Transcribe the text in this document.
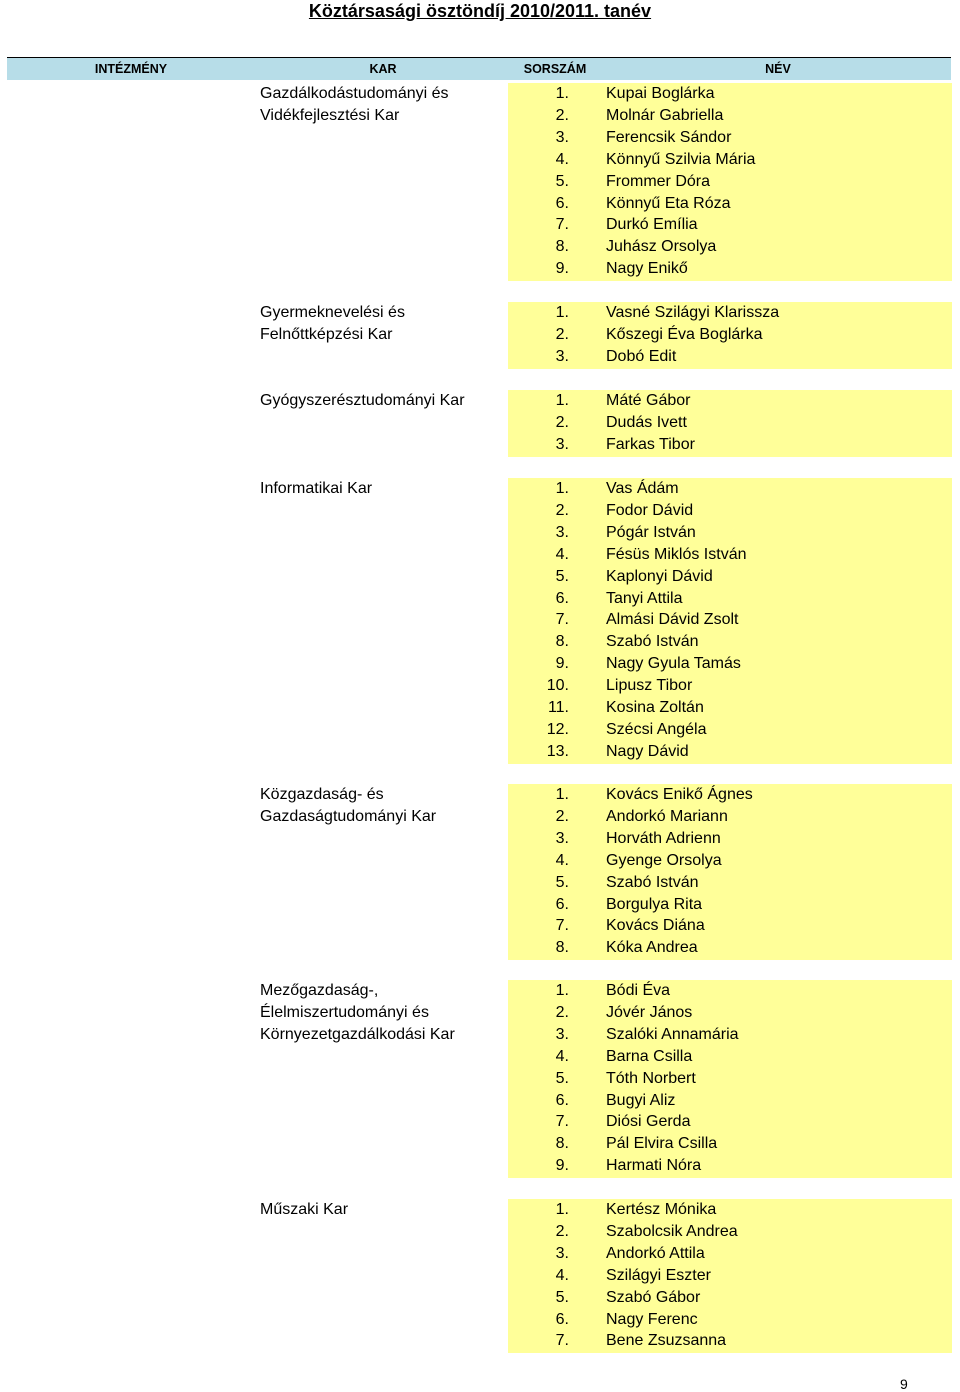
Köztársasági ösztöndíj 2010/2011. tanév
INTÉZMÉNY	KAR	SORSZÁM	NÉV
Gazdálkodástudományi és
Vidékfejlesztési Kar
1. Kupai Boglárka
2. Molnár Gabriella
3. Ferencsik Sándor
4. Könnyű Szilvia Mária
5. Frommer Dóra
6. Könnyű Eta Róza
7. Durkó Emília
8. Juhász Orsolya
9. Nagy Enikő
Gyermeknevelési és
Felnőttképzési Kar
1. Vasné Szilágyi Klarissza
2. Kőszegi Éva Boglárka
3. Dobó Edit
Gyógyszerésztudományi Kar	1. Máté Gábor
2. Dudás Ivett
3. Farkas Tibor
Informatikai Kar	1. Vas Ádám
2. Fodor Dávid
3. Pógár István
4. Fésüs Miklós István
5. Kaplonyi Dávid
6. Tanyi Attila
7. Almási Dávid Zsolt
8. Szabó István
9. Nagy Gyula Tamás
10. Lipusz Tibor
11. Kosina Zoltán
12. Szécsi Angéla
13. Nagy Dávid
Közgazdaság- és
Gazdaságtudományi Kar
1. Kovács Enikő Ágnes
2. Andorkó Mariann
3. Horváth Adrienn
4. Gyenge Orsolya
5. Szabó István
6. Borgulya Rita
7. Kovács Diána
8. Kóka Andrea
Mezőgazdaság-,
Élelmiszertudományi és
Környezetgazdálkodási Kar
1. Bódi Éva
2. Jóvér János
3. Szalóki Annamária
4. Barna Csilla
5. Tóth Norbert
6. Bugyi Aliz
7. Diósi Gerda
8. Pál Elvira Csilla
9. Harmati Nóra
Műszaki Kar	1. Kertész Mónika
2. Szabolcsik Andrea
3. Andorkó Attila
4. Szilágyi Eszter
5. Szabó Gábor
6. Nagy Ferenc
7. Bene Zsuzsanna
9
